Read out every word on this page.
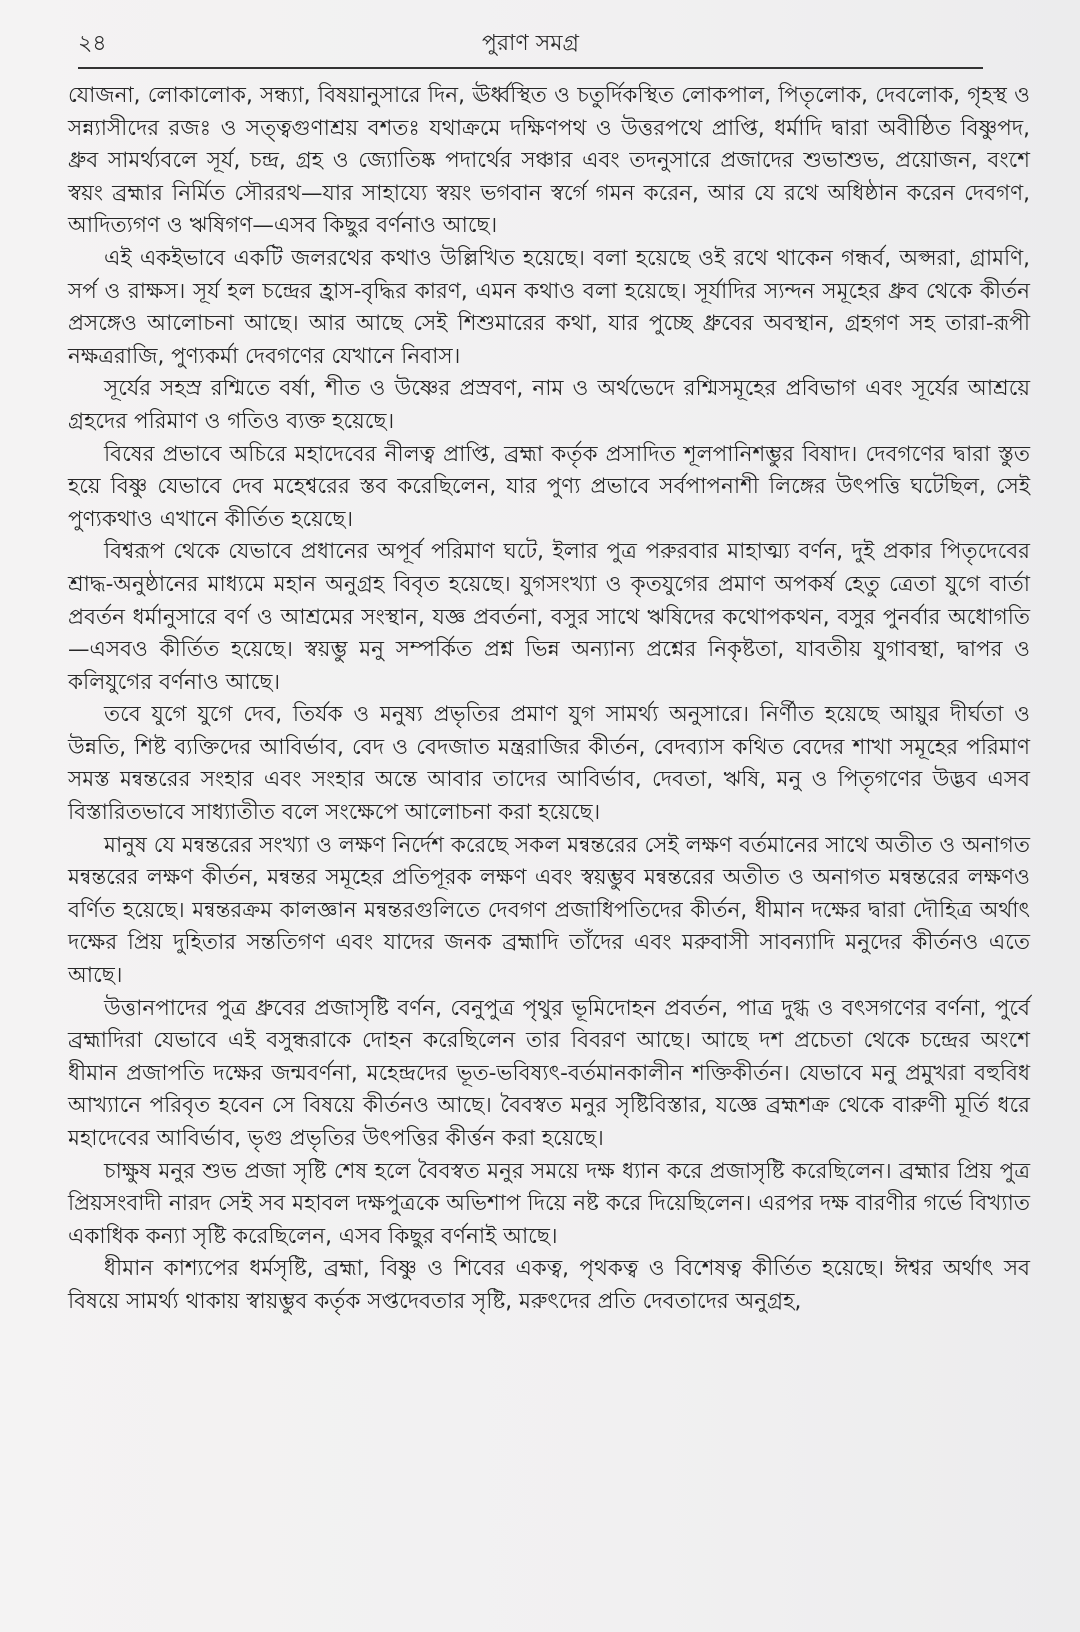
২৪	পুরাণ সমগ্র

যোজনা, লোকালোক, সন্ধ্যা, বিষয়ানুসারে দিন, ঊর্ধ্বস্থিত ও চতুর্দিকস্থিত লোকপাল, পিতৃলোক, দেবলোক, গৃহস্থ ও সন্ন্যাসীদের রজঃ ও সত্ত্বগুণাশ্রয় বশতঃ যথাক্রমে দক্ষিণপথ ও উত্তরপথে প্রাপ্তি, ধর্মাদি দ্বারা অবীষ্ঠিত বিষ্ণুপদ, ধ্রুব সামর্থ্যবলে সূর্য, চন্দ্র, গ্রহ ও জ্যোতিষ্ক পদার্থের সঞ্চার এবং তদনুসারে প্রজাদের শুভাশুভ, প্রয়োজন, বংশে স্বয়ং ব্রহ্মার নির্মিত সৌররথ—যার সাহায্যে স্বয়ং ভগবান স্বর্গে গমন করেন, আর যে রথে অধিষ্ঠান করেন দেবগণ, আদিত্যগণ ও ঋষিগণ—এসব কিছুর বর্ণনাও আছে।

এই একইভাবে একটি জলরথের কথাও উল্লিখিত হয়েছে। বলা হয়েছে ওই রথে থাকেন গন্ধর্ব, অপ্সরা, গ্রামণি, সর্প ও রাক্ষস। সূর্য হল চন্দ্রের হ্রাস-বৃদ্ধির কারণ, এমন কথাও বলা হয়েছে। সূর্যাদির স্যন্দন সমূহের ধ্রুব থেকে কীর্তন প্রসঙ্গেও আলোচনা আছে। আর আছে সেই শিশুমারের কথা, যার পুচ্ছে ধ্রুবের অবস্থান, গ্রহগণ সহ তারা-রূপী নক্ষত্ররাজি, পুণ্যকর্মা দেবগণের যেখানে নিবাস।

সূর্যের সহস্র রশ্মিতে বর্ষা, শীত ও উষ্ণের প্রস্রবণ, নাম ও অর্থভেদে রশ্মিসমূহের প্রবিভাগ এবং সূর্যের আশ্রয়ে গ্রহদের পরিমাণ ও গতিও ব্যক্ত হয়েছে।

বিষের প্রভাবে অচিরে মহাদেবের নীলত্ব প্রাপ্তি, ব্রহ্মা কর্তৃক প্রসাদিত শূলপানিশম্ভুর বিষাদ। দেবগণের দ্বারা স্তুত হয়ে বিষ্ণু যেভাবে দেব মহেশ্বরের স্তব করেছিলেন, যার পুণ্য প্রভাবে সর্বপাপনাশী লিঙ্গের উৎপত্তি ঘটেছিল, সেই পুণ্যকথাও এখানে কীর্তিত হয়েছে।

বিশ্বরূপ থেকে যেভাবে প্রধানের অপূর্ব পরিমাণ ঘটে, ইলার পুত্র পরুরবার মাহাত্ম্য বর্ণন, দুই প্রকার পিতৃদেবের শ্রাদ্ধ-অনুষ্ঠানের মাধ্যমে মহান অনুগ্রহ বিবৃত হয়েছে। যুগসংখ্যা ও কৃতযুগের প্রমাণ অপকর্ষ হেতু ত্রেতা যুগে বার্তা প্রবর্তন ধর্মানুসারে বর্ণ ও আশ্রমের সংস্থান, যজ্ঞ প্রবর্তনা, বসুর সাথে ঋষিদের কথোপকথন, বসুর পুনর্বার অধোগতি—এসবও কীর্তিত হয়েছে। স্বয়ম্ভু মনু সম্পর্কিত প্রশ্ন ভিন্ন অন্যান্য প্রশ্নের নিকৃষ্টতা, যাবতীয় যুগাবস্থা, দ্বাপর ও কলিযুগের বর্ণনাও আছে।

তবে যুগে যুগে দেব, তির্যক ও মনুষ্য প্রভৃতির প্রমাণ যুগ সামর্থ্য অনুসারে। নির্ণীত হয়েছে আয়ুর দীর্ঘতা ও উন্নতি, শিষ্ট ব্যক্তিদের আবির্ভাব, বেদ ও বেদজাত মন্ত্ররাজির কীর্তন, বেদব্যাস কথিত বেদের শাখা সমূহের পরিমাণ সমস্ত মন্বন্তরের সংহার এবং সংহার অন্তে আবার তাদের আবির্ভাব, দেবতা, ঋষি, মনু ও পিতৃগণের উদ্ভব এসব বিস্তারিতভাবে সাধ্যাতীত বলে সংক্ষেপে আলোচনা করা হয়েছে।

মানুষ যে মন্বন্তরের সংখ্যা ও লক্ষণ নির্দেশ করেছে সকল মন্বন্তরের সেই লক্ষণ বর্তমানের সাথে অতীত ও অনাগত মন্বন্তরের লক্ষণ কীর্তন, মন্বন্তর সমূহের প্রতিপূরক লক্ষণ এবং স্বয়ম্ভুব মন্বন্তরের অতীত ও অনাগত মন্বন্তরের লক্ষণও বর্ণিত হয়েছে। মন্বন্তরক্রম কালজ্ঞান মন্বন্তরগুলিতে দেবগণ প্রজাধিপতিদের কীর্তন, ধীমান দক্ষের দ্বারা দৌহিত্র অর্থাৎ দক্ষের প্রিয় দুহিতার সন্ততিগণ এবং যাদের জনক ব্রহ্মাদি তাঁদের এবং মরুবাসী সাবন্যাদি মনুদের কীর্তনও এতে আছে।

উত্তানপাদের পুত্র ধ্রুবের প্রজাসৃষ্টি বর্ণন, বেনুপুত্র পৃথুর ভূমিদোহন প্রবর্তন, পাত্র দুগ্ধ ও বৎসগণের বর্ণনা, পুর্বে ব্রহ্মাদিরা যেভাবে এই বসুন্ধরাকে দোহন করেছিলেন তার বিবরণ আছে। আছে দশ প্রচেতা থেকে চন্দ্রের অংশে ধীমান প্রজাপতি দক্ষের জন্মবর্ণনা, মহেন্দ্রদের ভূত-ভবিষ্যৎ-বর্তমানকালীন শক্তিকীর্তন। যেভাবে মনু প্রমুখরা বহুবিধ আখ্যানে পরিবৃত হবেন সে বিষয়ে কীর্তনও আছে। বৈবস্বত মনুর সৃষ্টিবিস্তার, যজ্ঞে ব্রহ্মশক্র থেকে বারুণী মূর্তি ধরে মহাদেবের আবির্ভাব, ভৃগু প্রভৃতির উৎপত্তির কীর্ত্তন করা হয়েছে।

চাক্ষুষ মনুর শুভ প্রজা সৃষ্টি শেষ হলে বৈবস্বত মনুর সময়ে দক্ষ ধ্যান করে প্রজাসৃষ্টি করেছিলেন। ব্রহ্মার প্রিয় পুত্র প্রিয়সংবাদী নারদ সেই সব মহাবল দক্ষপুত্রকে অভিশাপ দিয়ে নষ্ট করে দিয়েছিলেন। এরপর দক্ষ বারণীর গর্ভে বিখ্যাত একাধিক কন্যা সৃষ্টি করেছিলেন, এসব কিছুর বর্ণনাই আছে।

ধীমান কাশ্যপের ধর্মসৃষ্টি, ব্রহ্মা, বিষ্ণু ও শিবের একত্ব, পৃথকত্ব ও বিশেষত্ব কীর্তিত হয়েছে। ঈশ্বর অর্থাৎ সব বিষয়ে সামর্থ্য থাকায় স্বায়ম্ভুব কর্তৃক সপ্তদেবতার সৃষ্টি, মরুৎদের প্রতি দেবতাদের অনুগ্রহ,
